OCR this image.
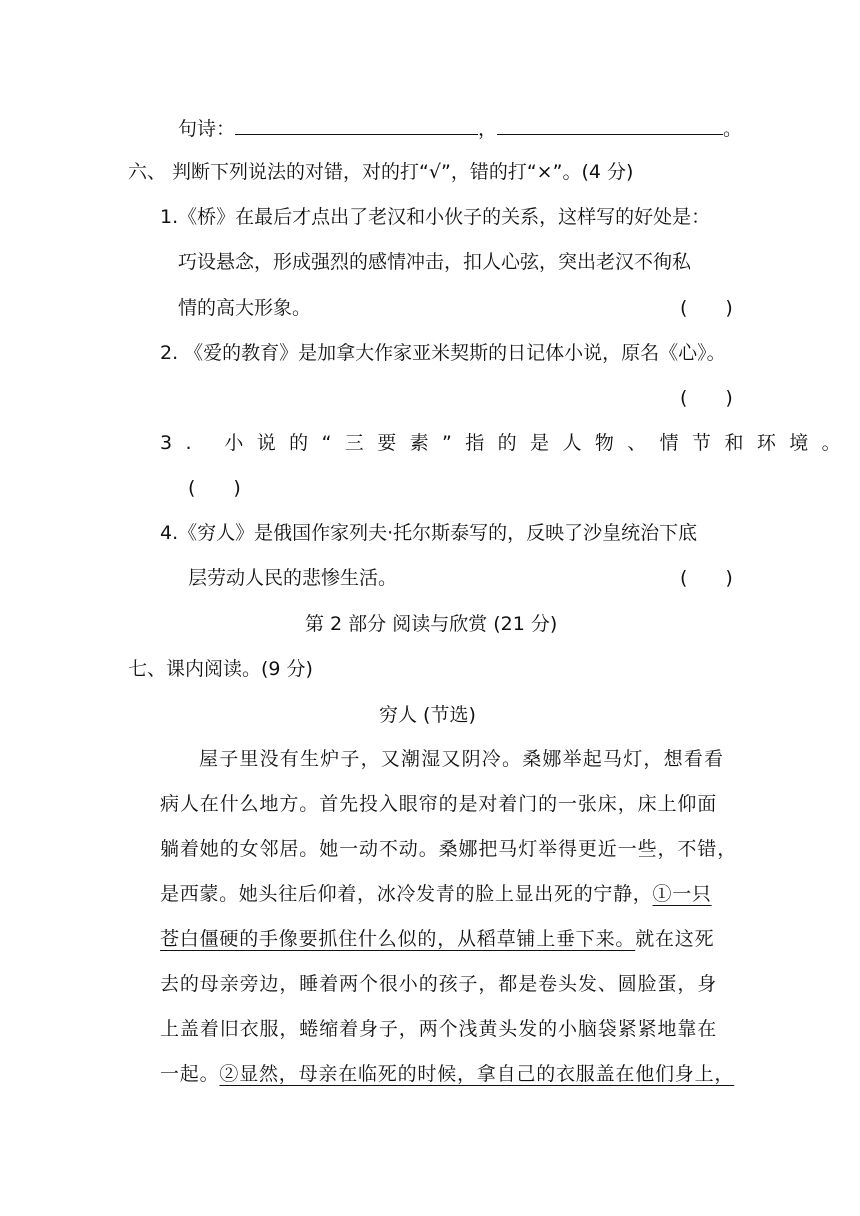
句诗：	，	。
六、 判断下列说法的对错，对的打“√”，错的打“×”。(4 分)
1.《桥》在最后才点出了老汉和小伙子的关系，这样写的好处是：
巧设悬念，形成强烈的感情冲击，扣人心弦，突出老汉不徇私
情的高大形象。	(　　)
2. 《爱的教育》是加拿大作家亚米契斯的日记体小说，原名《心》。
(　　)
3. 小说的“三要素”指的是人物、情节和环境。
(　　)
4.《穷人》是俄国作家列夫·托尔斯泰写的，反映了沙皇统治下底
层劳动人民的悲惨生活。	(　　)
第 2 部分 阅读与欣赏 (21 分)
七、课内阅读。(9 分)
穷人 (节选)
屋子里没有生炉子，又潮湿又阴冷。桑娜举起马灯，想看看
病人在什么地方。首先投入眼帘的是对着门的一张床，床上仰面
躺着她的女邻居。她一动不动。桑娜把马灯举得更近一些，不错，
是西蒙。她头往后仰着，冰冷发青的脸上显出死的宁静，①一只
苍白僵硬的手像要抓住什么似的，从稻草铺上垂下来。就在这死
去的母亲旁边，睡着两个很小的孩子，都是卷头发、圆脸蛋，身
上盖着旧衣服，蜷缩着身子，两个浅黄头发的小脑袋紧紧地靠在
一起。②显然，母亲在临死的时候，拿自己的衣服盖在他们身上，
